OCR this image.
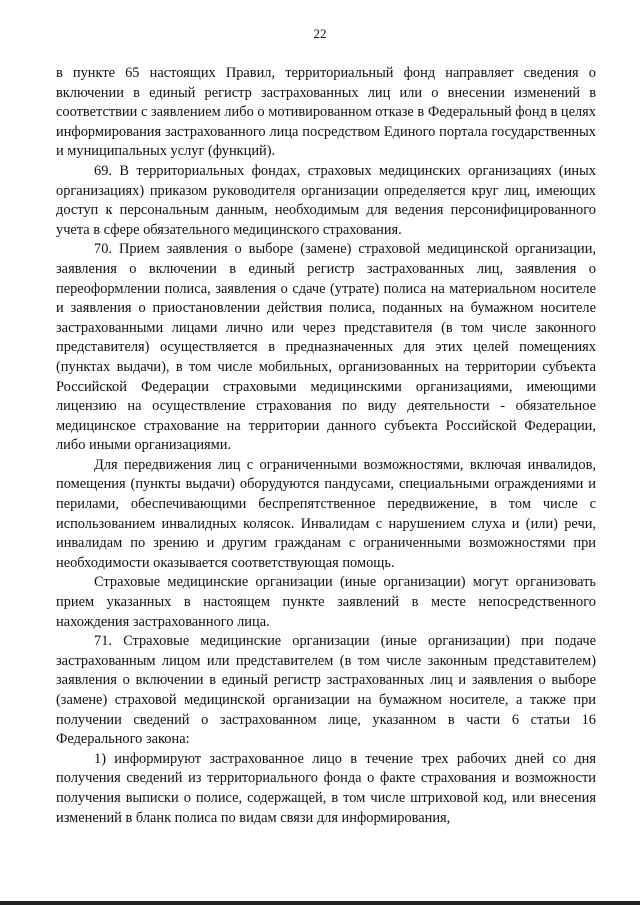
22

в пункте 65 настоящих Правил, территориальный фонд направляет сведения о включении в единый регистр застрахованных лиц или о внесении изменений в соответствии с заявлением либо о мотивированном отказе в Федеральный фонд в целях информирования застрахованного лица посредством Единого портала государственных и муниципальных услуг (функций).

69. В территориальных фондах, страховых медицинских организациях (иных организациях) приказом руководителя организации определяется круг лиц, имеющих доступ к персональным данным, необходимым для ведения персонифицированного учета в сфере обязательного медицинского страхования.

70. Прием заявления о выборе (замене) страховой медицинской организации, заявления о включении в единый регистр застрахованных лиц, заявления о переоформлении полиса, заявления о сдаче (утрате) полиса на материальном носителе и заявления о приостановлении действия полиса, поданных на бумажном носителе застрахованными лицами лично или через представителя (в том числе законного представителя) осуществляется в предназначенных для этих целей помещениях (пунктах выдачи), в том числе мобильных, организованных на территории субъекта Российской Федерации страховыми медицинскими организациями, имеющими лицензию на осуществление страхования по виду деятельности - обязательное медицинское страхование на территории данного субъекта Российской Федерации, либо иными организациями.

Для передвижения лиц с ограниченными возможностями, включая инвалидов, помещения (пункты выдачи) оборудуются пандусами, специальными ограждениями и перилами, обеспечивающими беспрепятственное передвижение, в том числе с использованием инвалидных колясок. Инвалидам с нарушением слуха и (или) речи, инвалидам по зрению и другим гражданам с ограниченными возможностями при необходимости оказывается соответствующая помощь.

Страховые медицинские организации (иные организации) могут организовать прием указанных в настоящем пункте заявлений в месте непосредственного нахождения застрахованного лица.

71. Страховые медицинские организации (иные организации) при подаче застрахованным лицом или представителем (в том числе законным представителем) заявления о включении в единый регистр застрахованных лиц и заявления о выборе (замене) страховой медицинской организации на бумажном носителе, а также при получении сведений о застрахованном лице, указанном в части 6 статьи 16 Федерального закона:

1) информируют застрахованное лицо в течение трех рабочих дней со дня получения сведений из территориального фонда о факте страхования и возможности получения выписки о полисе, содержащей, в том числе штриховой код, или внесения изменений в бланк полиса по видам связи для информирования,
